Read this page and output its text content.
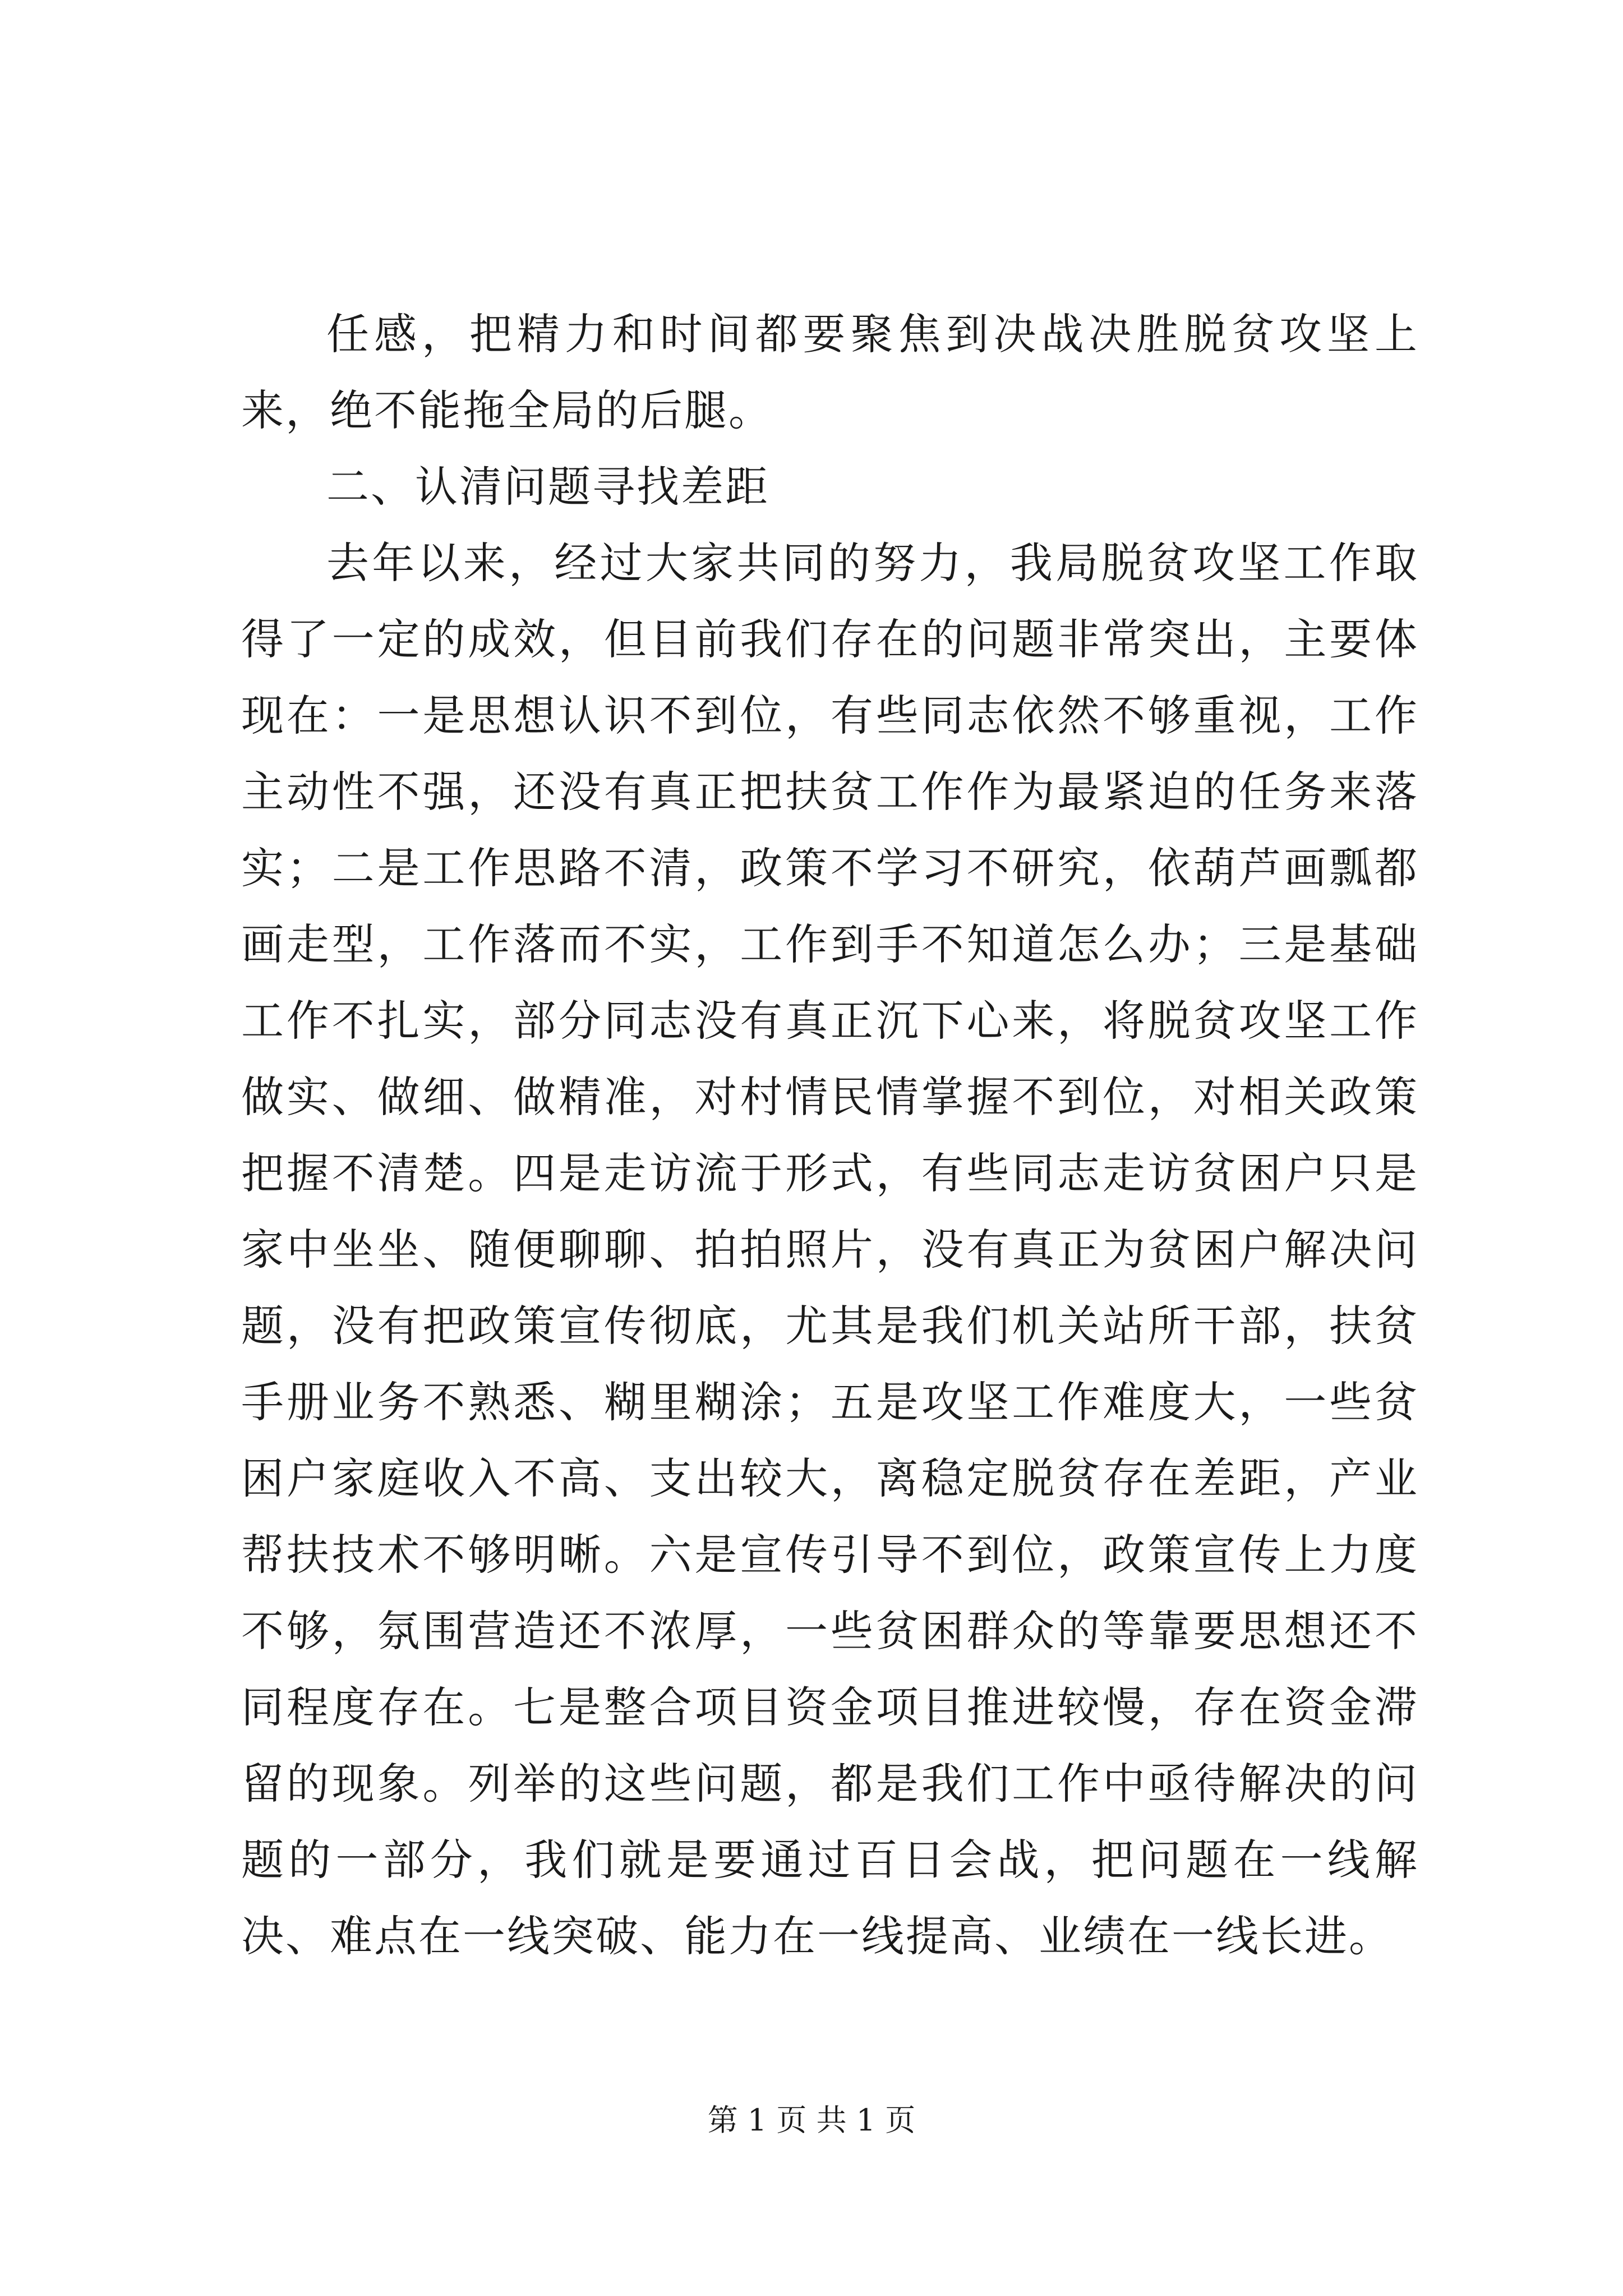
任感，把精力和时间都要聚焦到决战决胜脱贫攻坚上来，绝不能拖全局的后腿。

二、认清问题寻找差距

去年以来，经过大家共同的努力，我局脱贫攻坚工作取得了一定的成效，但目前我们存在的问题非常突出，主要体现在：一是思想认识不到位，有些同志依然不够重视，工作主动性不强，还没有真正把扶贫工作作为最紧迫的任务来落实；二是工作思路不清，政策不学习不研究，依葫芦画瓢都画走型，工作落而不实，工作到手不知道怎么办；三是基础工作不扎实，部分同志没有真正沉下心来，将脱贫攻坚工作做实、做细、做精准，对村情民情掌握不到位，对相关政策把握不清楚。四是走访流于形式，有些同志走访贫困户只是家中坐坐、随便聊聊、拍拍照片，没有真正为贫困户解决问题，没有把政策宣传彻底，尤其是我们机关站所干部，扶贫手册业务不熟悉、糊里糊涂；五是攻坚工作难度大，一些贫困户家庭收入不高、支出较大，离稳定脱贫存在差距，产业帮扶技术不够明晰。六是宣传引导不到位，政策宣传上力度不够，氛围营造还不浓厚，一些贫困群众的等靠要思想还不同程度存在。七是整合项目资金项目推进较慢，存在资金滞留的现象。列举的这些问题，都是我们工作中亟待解决的问题的一部分，我们就是要通过百日会战，把问题在一线解决、难点在一线突破、能力在一线提高、业绩在一线长进。

第 1 页 共 1 页
